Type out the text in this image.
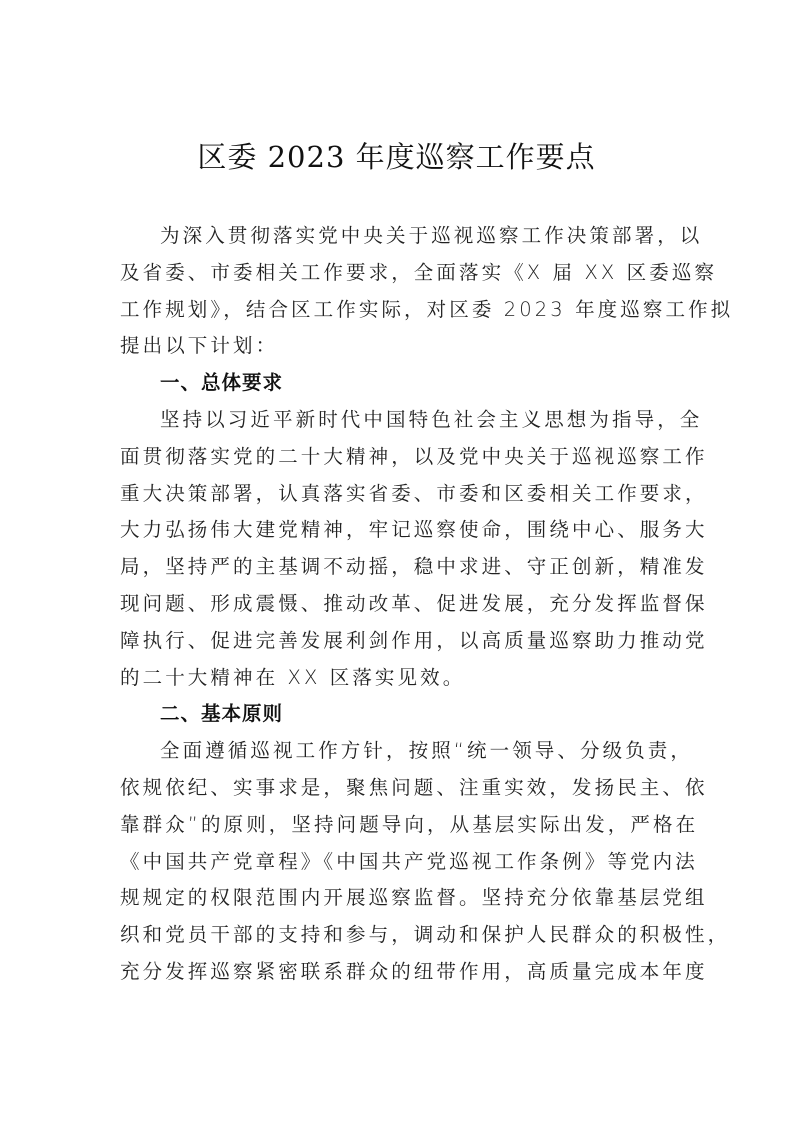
区委 2023 年度巡察工作要点
为深入贯彻落实党中央关于巡视巡察工作决策部署，以
及省委、市委相关工作要求，全面落实《X 届 XX 区委巡察
工作规划》，结合区工作实际，对区委 2023 年度巡察工作拟
提出以下计划：
一、总体要求
坚持以习近平新时代中国特色社会主义思想为指导，全
面贯彻落实党的二十大精神，以及党中央关于巡视巡察工作
重大决策部署，认真落实省委、市委和区委相关工作要求，
大力弘扬伟大建党精神，牢记巡察使命，围绕中心、服务大
局，坚持严的主基调不动摇，稳中求进、守正创新，精准发
现问题、形成震慑、推动改革、促进发展，充分发挥监督保
障执行、促进完善发展利剑作用，以高质量巡察助力推动党
的二十大精神在 XX 区落实见效。
二、基本原则
全面遵循巡视工作方针，按照“统一领导、分级负责，
依规依纪、实事求是，聚焦问题、注重实效，发扬民主、依
靠群众”的原则，坚持问题导向，从基层实际出发，严格在
《中国共产党章程》《中国共产党巡视工作条例》等党内法
规规定的权限范围内开展巡察监督。坚持充分依靠基层党组
织和党员干部的支持和参与，调动和保护人民群众的积极性，
充分发挥巡察紧密联系群众的纽带作用，高质量完成本年度
